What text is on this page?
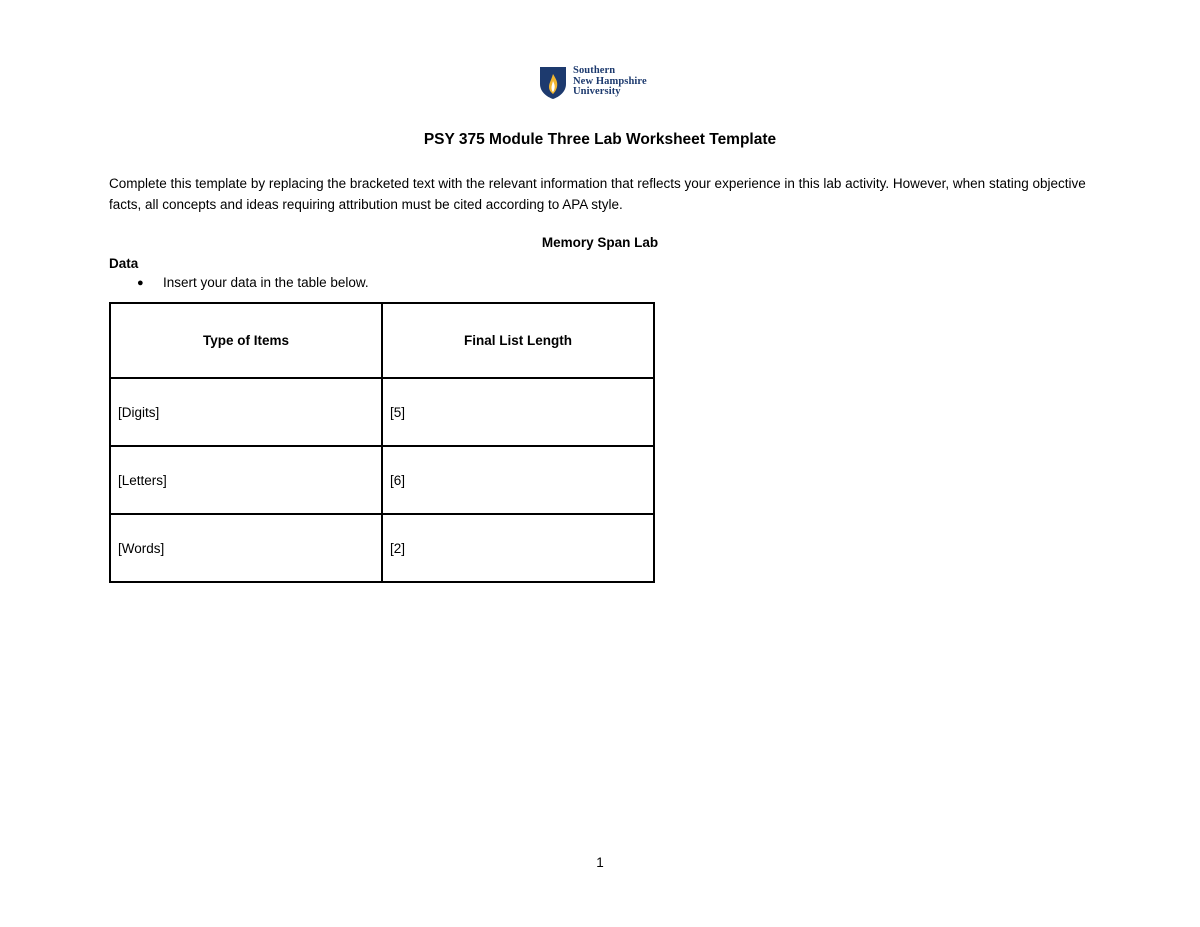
Southern
New Hampshire
University
PSY 375 Module Three Lab Worksheet Template
Complete this template by replacing the bracketed text with the relevant information that reflects your experience in this lab activity. However, when stating objective facts, all concepts and ideas requiring attribution must be cited according to APA style.
Memory Span Lab
Data
●	Insert your data in the table below.
Type of Items	Final List Length
[Digits]	[5]
[Letters]	[6]
[Words]	[2]
1
